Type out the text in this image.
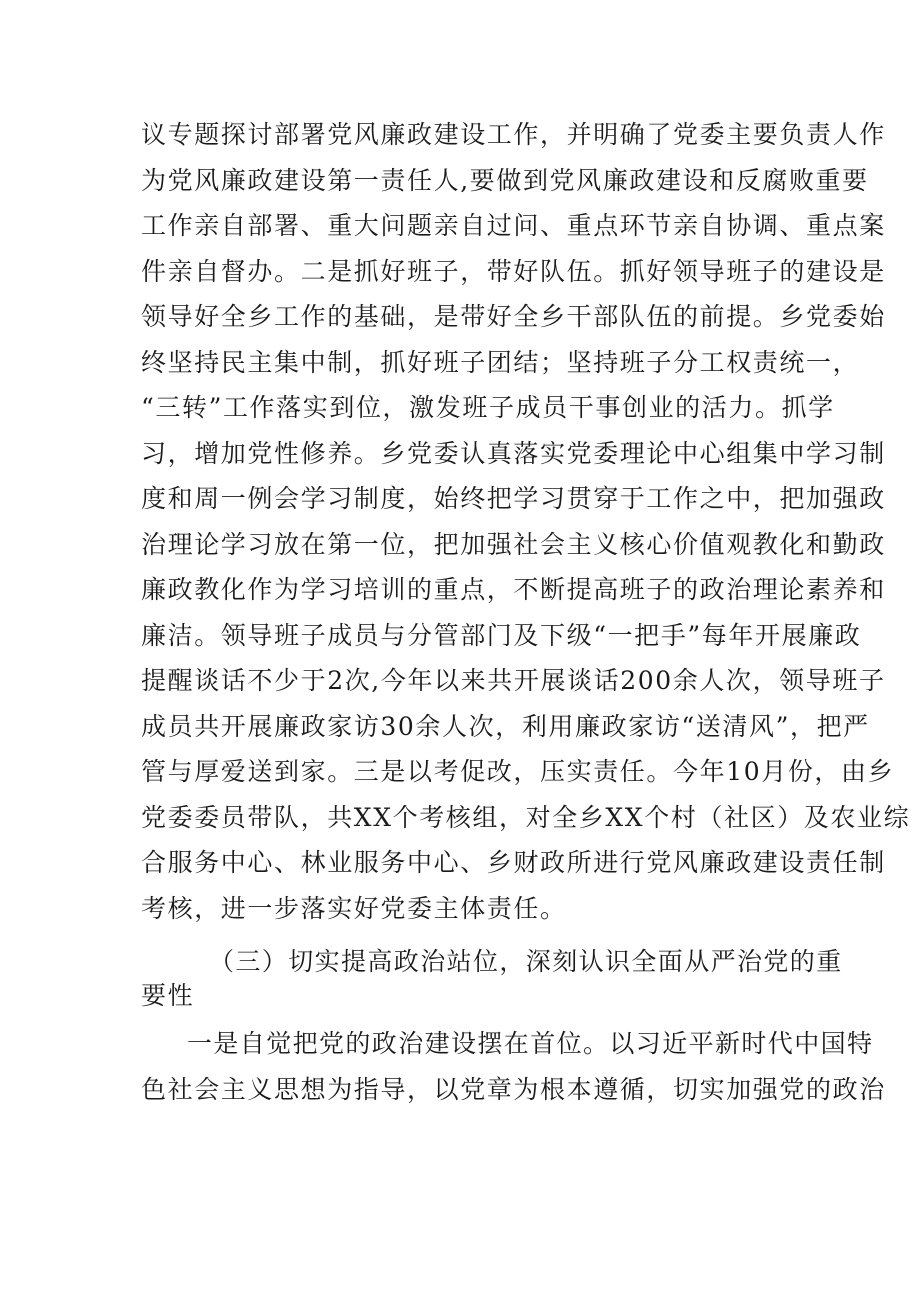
议专题探讨部署党风廉政建设工作，并明确了党委主要负责人作
为党风廉政建设第一责任人,要做到党风廉政建设和反腐败重要
工作亲自部署、重大问题亲自过问、重点环节亲自协调、重点案
件亲自督办。二是抓好班子，带好队伍。抓好领导班子的建设是
领导好全乡工作的基础，是带好全乡干部队伍的前提。乡党委始
终坚持民主集中制，抓好班子团结；坚持班子分工权责统一，
“三转”工作落实到位，激发班子成员干事创业的活力。抓学
习，增加党性修养。乡党委认真落实党委理论中心组集中学习制
度和周一例会学习制度，始终把学习贯穿于工作之中，把加强政
治理论学习放在第一位，把加强社会主义核心价值观教化和勤政
廉政教化作为学习培训的重点，不断提高班子的政治理论素养和
廉洁。领导班子成员与分管部门及下级“一把手”每年开展廉政
提醒谈话不少于2次,今年以来共开展谈话200余人次，领导班子
成员共开展廉政家访30余人次，利用廉政家访“送清风”，把严
管与厚爱送到家。三是以考促改，压实责任。今年10月份，由乡
党委委员带队，共XX个考核组，对全乡XX个村（社区）及农业综
合服务中心、林业服务中心、乡财政所进行党风廉政建设责任制
考核，进一步落实好党委主体责任。
（三）切实提高政治站位，深刻认识全面从严治党的重
要性
一是自觉把党的政治建设摆在首位。以习近平新时代中国特
色社会主义思想为指导，以党章为根本遵循，切实加强党的政治
